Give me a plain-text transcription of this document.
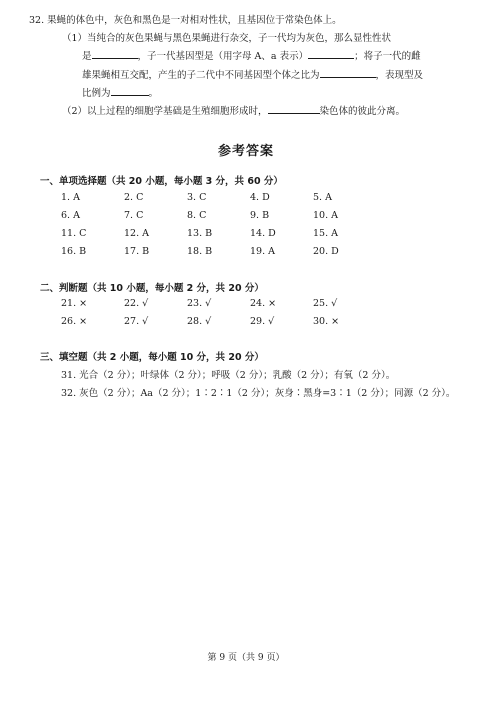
32. 果蝇的体色中，灰色和黑色是一对相对性状，且基因位于常染色体上。
（1）当纯合的灰色果蝇与黑色果蝇进行杂交，子一代均为灰色，那么显性性状
是	，子一代基因型是（用字母 A、a 表示）	；将子一代的雌
雄果蝇相互交配，产生的子二代中不同基因型个体之比为	，表现型及
比例为	。
（2）以上过程的细胞学基础是生殖细胞形成时，	染色体的彼此分离。
参考答案
一、单项选择题（共 20 小题，每小题 3 分，共 60 分）
1. A	2. C	3. C	4. D	5. A
6. A	7. C	8. C	9. B	10. A
11. C	12. A	13. B	14. D	15. A
16. B	17. B	18. B	19. A	20. D
二、判断题（共 10 小题，每小题 2 分，共 20 分）
21. ×	22. √	23. √	24. ×	25. √
26. ×	27. √	28. √	29. √	30. ×
三、填空题（共 2 小题，每小题 10 分，共 20 分）
31. 光合（2 分）；叶绿体（2 分）；呼吸（2 分）；乳酸（2 分）；有氧（2 分）。
32. 灰色（2 分）；Aa（2 分）；1∶2∶1（2 分）；灰身∶黑身=3∶1（2 分）；同源（2 分）。
第 9 页（共 9 页）
